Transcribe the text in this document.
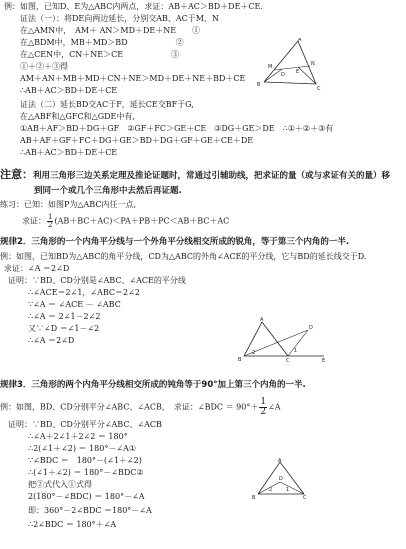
例：如图，已知D、E为△ABC内两点，求证：AB＋AC＞BD＋DE＋CE.
证法（一）：将DE向两边延长，分别交AB、AC于M、N
在△AMN中，　AM＋ AN＞MD＋DE＋NE　　①
在△BDM中，MB＋MD＞BD　　　　　　②
在△CEN中，CN＋NE＞CE　　　　　　③
①＋②＋③得
AM＋AN＋MB＋MD＋CN＋NE＞MD＋DE＋NE＋BD＋CE
∴AB＋AC＞BD＋DE＋CE
证法（二）延长BD交AC于F，延长CE交BF于G,
在△ABF和△GFC和△GDE中有,
①AB＋AF＞BD＋DG＋GF　②GF＋FC＞GE＋CE　③DG＋GE＞DE　∴①＋②＋③有
AB＋AF＋GF＋FC＋DG＋GE＞BD＋DG＋GF＋GE＋CE＋DE
∴AB＋AC＞BD＋DE＋CE
A
B
C
D E
M	N
注意：利用三角形三边关系定理及推论证题时，常通过引辅助线，把求证的量（或与求证有关的量）移
到同一个或几个三角形中去然后再证题.
练习：已知：如图P为△ABC内任一点,
求证： $\frac{1}{2} (AB+BC+AC)<PA+PB+PC<AB+BC+AC$
规律2．三角形的一个内角平分线与一个外角平分线相交所成的锐角，等于第三个内角的一半.
例：如图，已知BD为△ABC的角平分线，CD为△ABC的外角∠ACE的平分线，它与BD的延长线交于D.
求证：∠A ＝2∠D
证明：∵BD、CD分别是∠ABC、∠ACE的平分线
∴∠ACE＝2∠1，∠ABC＝2∠2
∵∠A ＝ ∠ACE － ∠ABC
∴∠A ＝ 2∠1－2∠2
又∵∠D ＝∠1－∠2
∴∠A ＝2∠D
A
B	C
D
E
1
2
规律3．三角形的两个内角平分线相交所成的钝角等于90°加上第三个内角的一半.
例：如图，BD、CD分别平分∠ABC、∠ACB，　求证：∠BDC ＝ $90^\circ+ \frac{1}{2}$ ∠A
证明：∵BD、CD分别平分∠ABC、∠ACB
∴∠A＋2∠1＋2∠2 ＝ 180°
∴2(∠1＋∠2) ＝ 180°－∠A①
∵∠BDC ＝　180°－(∠1＋∠2)
∴(∠1＋∠2) ＝ 180°－∠BDC②
把②式代入①式得
2(180°－∠BDC) ＝ 180°－∠A
即：360°－2∠BDC ＝180°－∠A
∴2∠BDC ＝ 180°＋∠A
A
B	C
D
1
2
